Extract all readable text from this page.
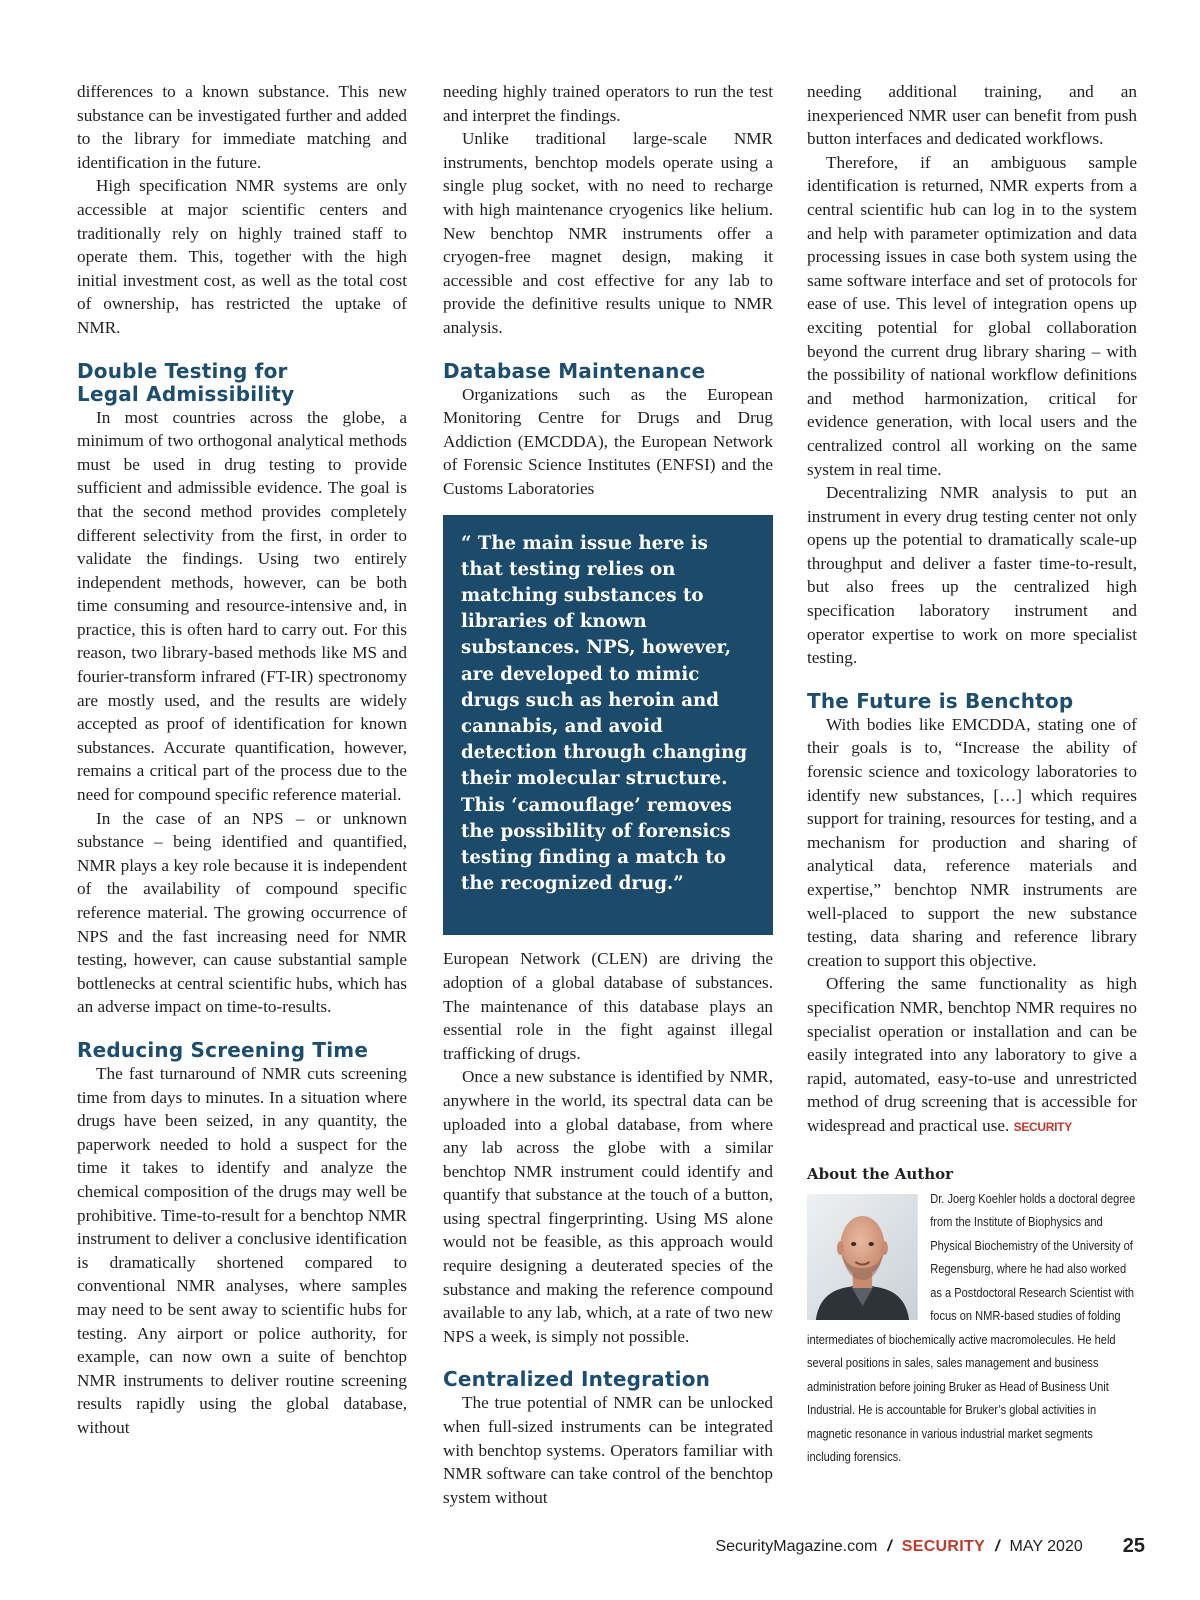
differences to a known substance. This new substance can be investigated further and added to the library for immediate matching and identification in the future.

High specification NMR systems are only accessible at major scientific centers and traditionally rely on highly trained staff to operate them. This, together with the high initial investment cost, as well as the total cost of ownership, has restricted the uptake of NMR.

Double Testing for Legal Admissibility

In most countries across the globe, a minimum of two orthogonal analytical methods must be used in drug testing to provide sufficient and admissible evidence. The goal is that the second method provides completely different selectivity from the first, in order to validate the findings. Using two entirely independent methods, however, can be both time consuming and resource-intensive and, in practice, this is often hard to carry out. For this reason, two library-based methods like MS and fourier-transform infrared (FT-IR) spectronomy are mostly used, and the results are widely accepted as proof of identification for known substances. Accurate quantification, however, remains a critical part of the process due to the need for compound specific reference material.

In the case of an NPS – or unknown substance – being identified and quantified, NMR plays a key role because it is independent of the availability of compound specific reference material. The growing occurrence of NPS and the fast increasing need for NMR testing, however, can cause substantial sample bottlenecks at central scientific hubs, which has an adverse impact on time-to-results.

Reducing Screening Time

The fast turnaround of NMR cuts screening time from days to minutes. In a situation where drugs have been seized, in any quantity, the paperwork needed to hold a suspect for the time it takes to identify and analyze the chemical composition of the drugs may well be prohibitive. Time-to-result for a benchtop NMR instrument to deliver a conclusive identification is dramatically shortened compared to conventional NMR analyses, where samples may need to be sent away to scientific hubs for testing. Any airport or police authority, for example, can now own a suite of benchtop NMR instruments to deliver routine screening results rapidly using the global database, without

needing highly trained operators to run the test and interpret the findings.

Unlike traditional large-scale NMR instruments, benchtop models operate using a single plug socket, with no need to recharge with high maintenance cryogenics like helium. New benchtop NMR instruments offer a cryogen-free magnet design, making it accessible and cost effective for any lab to provide the definitive results unique to NMR analysis.

Database Maintenance

Organizations such as the European Monitoring Centre for Drugs and Drug Addiction (EMCDDA), the European Network of Forensic Science Institutes (ENFSI) and the Customs Laboratories

“ The main issue here is that testing relies on matching substances to libraries of known substances. NPS, however, are developed to mimic drugs such as heroin and cannabis, and avoid detection through changing their molecular structure. This ‘camouflage’ removes the possibility of forensics testing finding a match to the recognized drug.”

European Network (CLEN) are driving the adoption of a global database of substances. The maintenance of this database plays an essential role in the fight against illegal trafficking of drugs.

Once a new substance is identified by NMR, anywhere in the world, its spectral data can be uploaded into a global database, from where any lab across the globe with a similar benchtop NMR instrument could identify and quantify that substance at the touch of a button, using spectral fingerprinting. Using MS alone would not be feasible, as this approach would require designing a deuterated species of the substance and making the reference compound available to any lab, which, at a rate of two new NPS a week, is simply not possible.

Centralized Integration

The true potential of NMR can be unlocked when full-sized instruments can be integrated with benchtop systems. Operators familiar with NMR software can take control of the benchtop system without

needing additional training, and an inexperienced NMR user can benefit from push button interfaces and dedicated workflows.

Therefore, if an ambiguous sample identification is returned, NMR experts from a central scientific hub can log in to the system and help with parameter optimization and data processing issues in case both system using the same software interface and set of protocols for ease of use. This level of integration opens up exciting potential for global collaboration beyond the current drug library sharing – with the possibility of national workflow definitions and method harmonization, critical for evidence generation, with local users and the centralized control all working on the same system in real time.

Decentralizing NMR analysis to put an instrument in every drug testing center not only opens up the potential to dramatically scale-up throughput and deliver a faster time-to-result, but also frees up the centralized high specification laboratory instrument and operator expertise to work on more specialist testing.

The Future is Benchtop

With bodies like EMCDDA, stating one of their goals is to, “Increase the ability of forensic science and toxicology laboratories to identify new substances, […] which requires support for training, resources for testing, and a mechanism for production and sharing of analytical data, reference materials and expertise,” benchtop NMR instruments are well-placed to support the new substance testing, data sharing and reference library creation to support this objective.

Offering the same functionality as high specification NMR, benchtop NMR requires no specialist operation or installation and can be easily integrated into any laboratory to give a rapid, automated, easy-to-use and unrestricted method of drug screening that is accessible for widespread and practical use. SECURITY

About the Author
Dr. Joerg Koehler holds a doctoral degree from the Institute of Biophysics and Physical Biochemistry of the University of Regensburg, where he had also worked as a Postdoctoral Research Scientist with focus on NMR-based studies of folding intermediates of biochemically active macromolecules. He held several positions in sales, sales management and business administration before joining Bruker as Head of Business Unit Industrial. He is accountable for Bruker’s global activities in magnetic resonance in various industrial market segments including forensics.
SecurityMagazine.com / SECURITY / MAY 2020 25
